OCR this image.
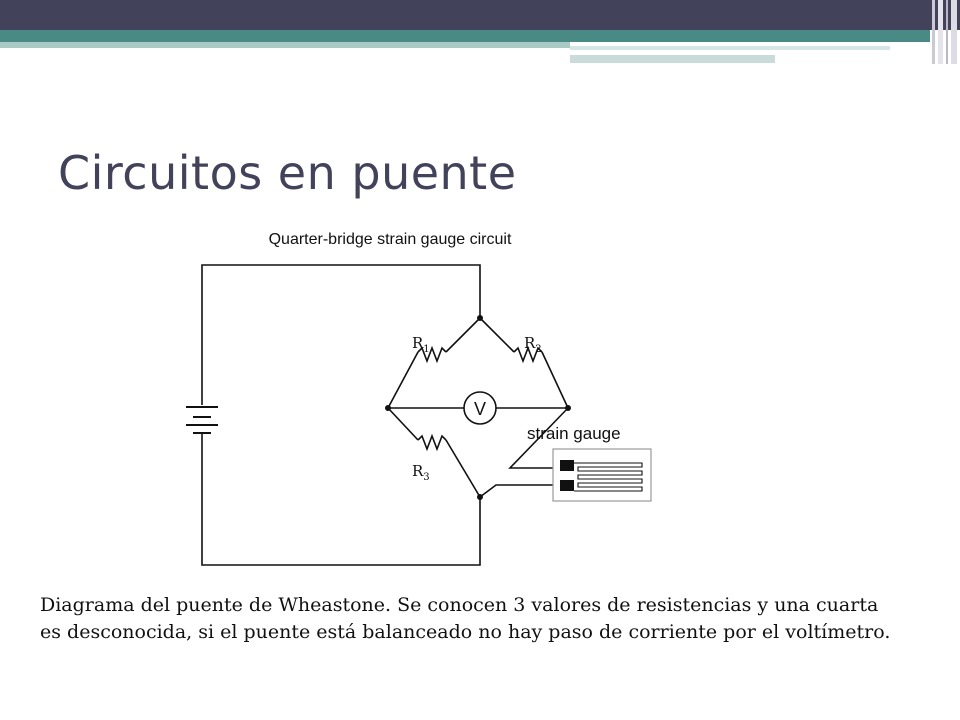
Circuitos en puente
Quarter-bridge strain gauge circuit
V
$R_1$	$R_2$
$R_3$
strain gauge
Diagrama del puente de Wheastone. Se conocen 3 valores de resistencias y una cuarta es desconocida, si el puente está balanceado no hay paso de corriente por el voltímetro.
